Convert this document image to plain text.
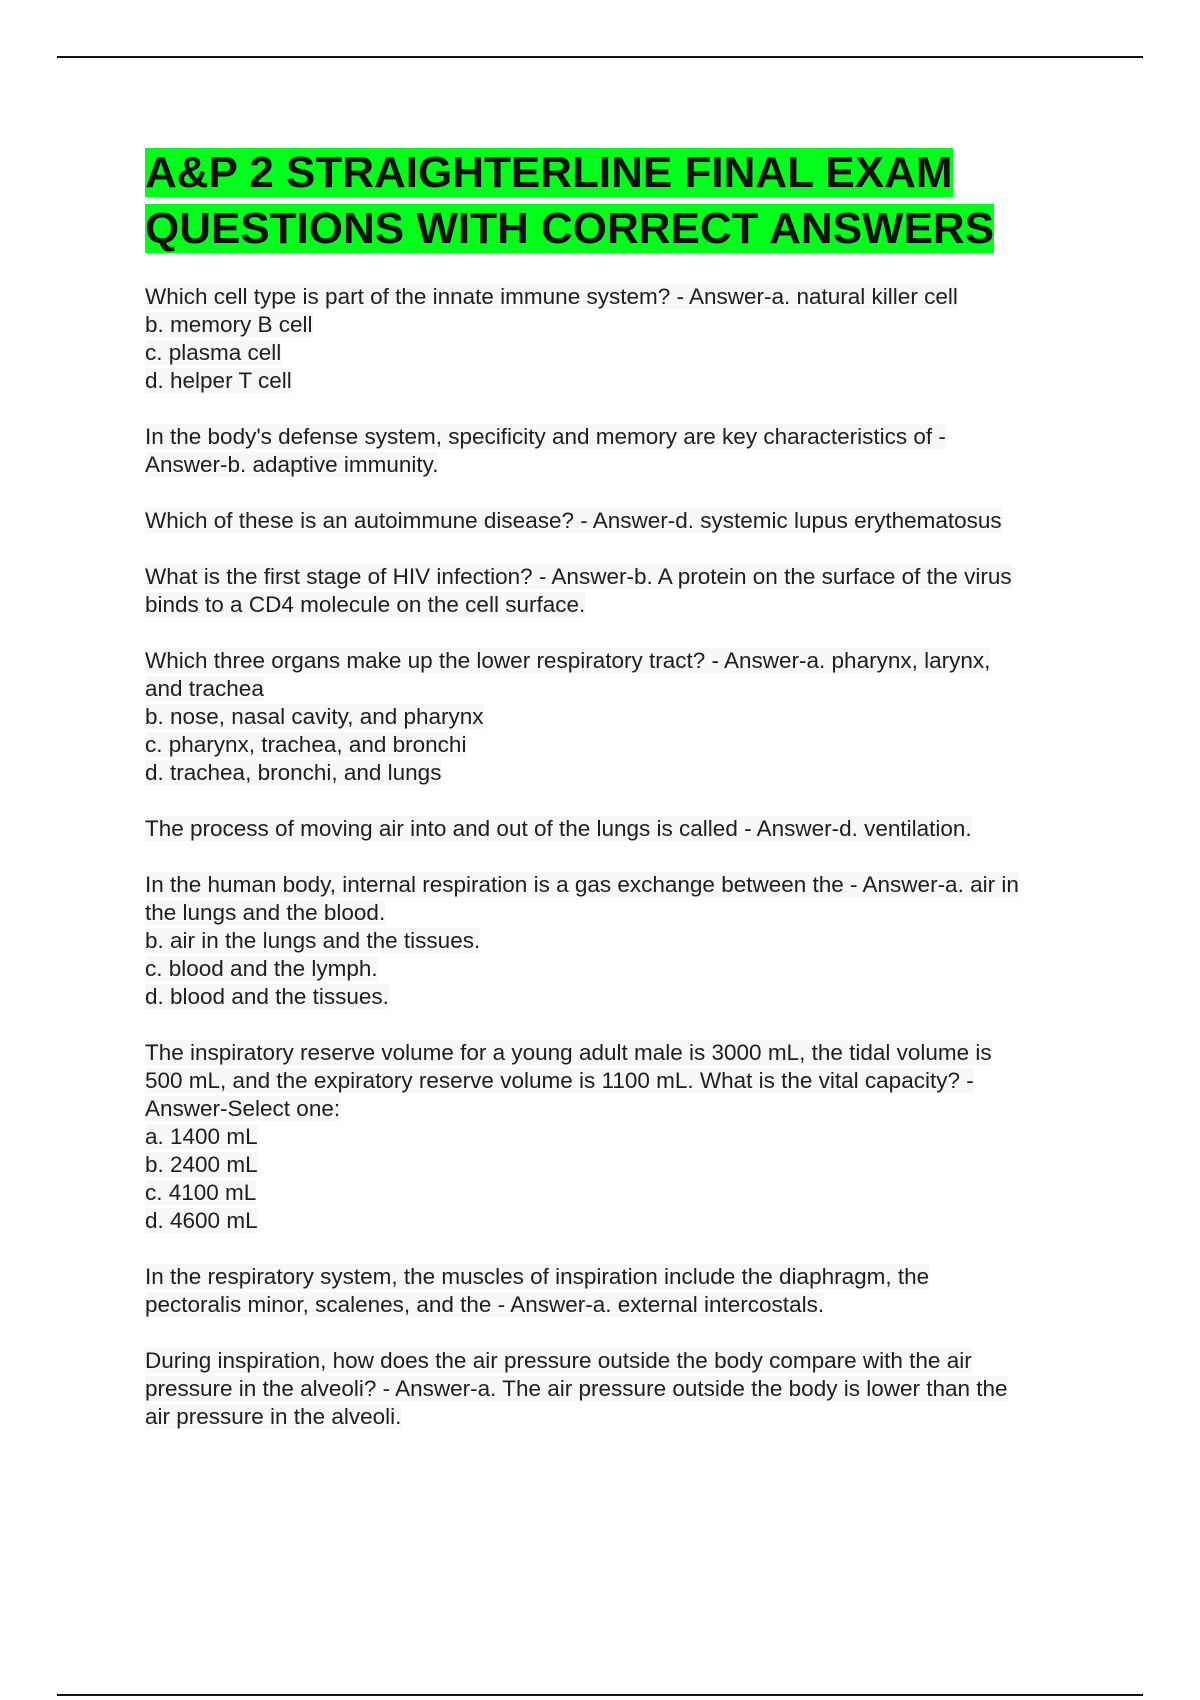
A&P 2 STRAIGHTERLINE FINAL EXAM
QUESTIONS WITH CORRECT ANSWERS

Which cell type is part of the innate immune system? - Answer-a. natural killer cell

b. memory B cell

c. plasma cell

d. helper T cell

In the body's defense system, specificity and memory are key characteristics of -

Answer-b. adaptive immunity.

Which of these is an autoimmune disease? - Answer-d. systemic lupus erythematosus

What is the first stage of HIV infection? - Answer-b. A protein on the surface of the virus

binds to a CD4 molecule on the cell surface.

Which three organs make up the lower respiratory tract? - Answer-a. pharynx, larynx,

and trachea

b. nose, nasal cavity, and pharynx

c. pharynx, trachea, and bronchi

d. trachea, bronchi, and lungs

The process of moving air into and out of the lungs is called - Answer-d. ventilation.

In the human body, internal respiration is a gas exchange between the - Answer-a. air in

the lungs and the blood.

b. air in the lungs and the tissues.

c. blood and the lymph.

d. blood and the tissues.

The inspiratory reserve volume for a young adult male is 3000 mL, the tidal volume is

500 mL, and the expiratory reserve volume is 1100 mL. What is the vital capacity? -

Answer-Select one:

a. 1400 mL

b. 2400 mL

c. 4100 mL

d. 4600 mL

In the respiratory system, the muscles of inspiration include the diaphragm, the

pectoralis minor, scalenes, and the - Answer-a. external intercostals.

During inspiration, how does the air pressure outside the body compare with the air

pressure in the alveoli? - Answer-a. The air pressure outside the body is lower than the

air pressure in the alveoli.
